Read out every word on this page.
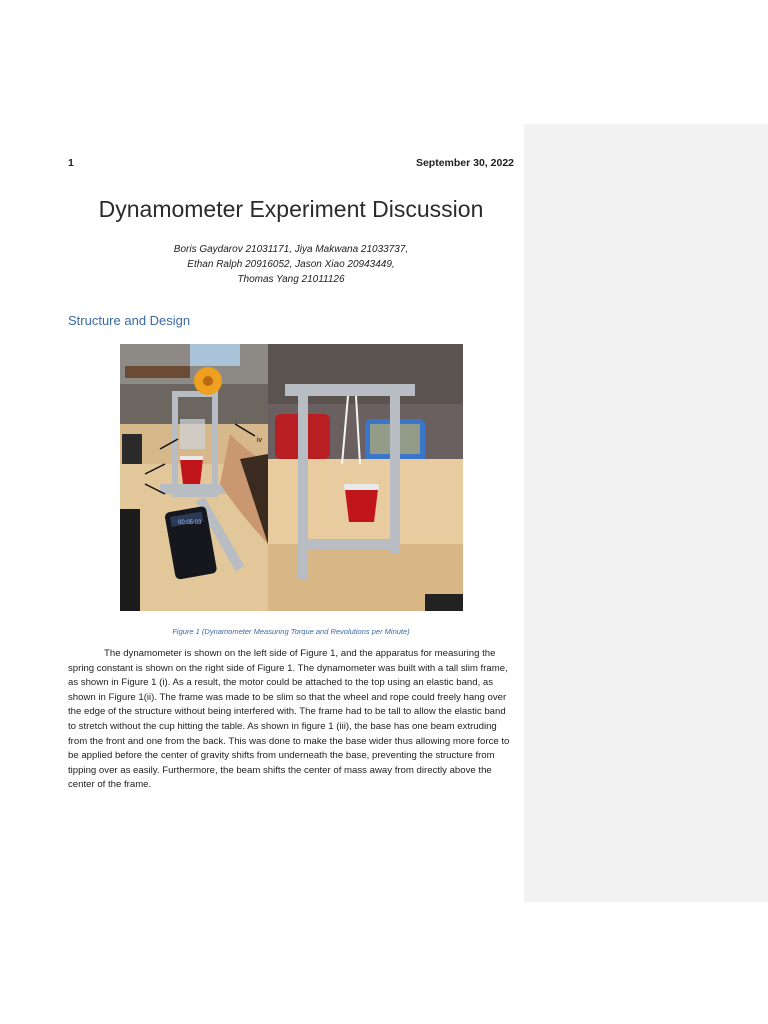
1	September 30, 2022
Dynamometer Experiment Discussion
Boris Gaydarov 21031171, Jiya Makwana 21033737,
Ethan Ralph 20916052, Jason Xiao 20943449,
Thomas Yang 21011126
Structure and Design
00:05:03
iv
Figure 1 (Dynamometer Measuring Torque and Revolutions per Minute)

The dynamometer is shown on the left side of Figure 1, and the apparatus for measuring the spring constant is shown on the right side of Figure 1. The dynamometer was built with a tall slim frame, as shown in Figure 1 (i). As a result, the motor could be attached to the top using an elastic band, as shown in Figure 1(ii). The frame was made to be slim so that the wheel and rope could freely hang over the edge of the structure without being interfered with. The frame had to be tall to allow the elastic band to stretch without the cup hitting the table. As shown in figure 1 (iii), the base has one beam extruding from the front and one from the back. This was done to make the base wider thus allowing more force to be applied before the center of gravity shifts from underneath the base, preventing the structure from tipping over as easily. Furthermore, the beam shifts the center of mass away from directly above the center of the frame.
